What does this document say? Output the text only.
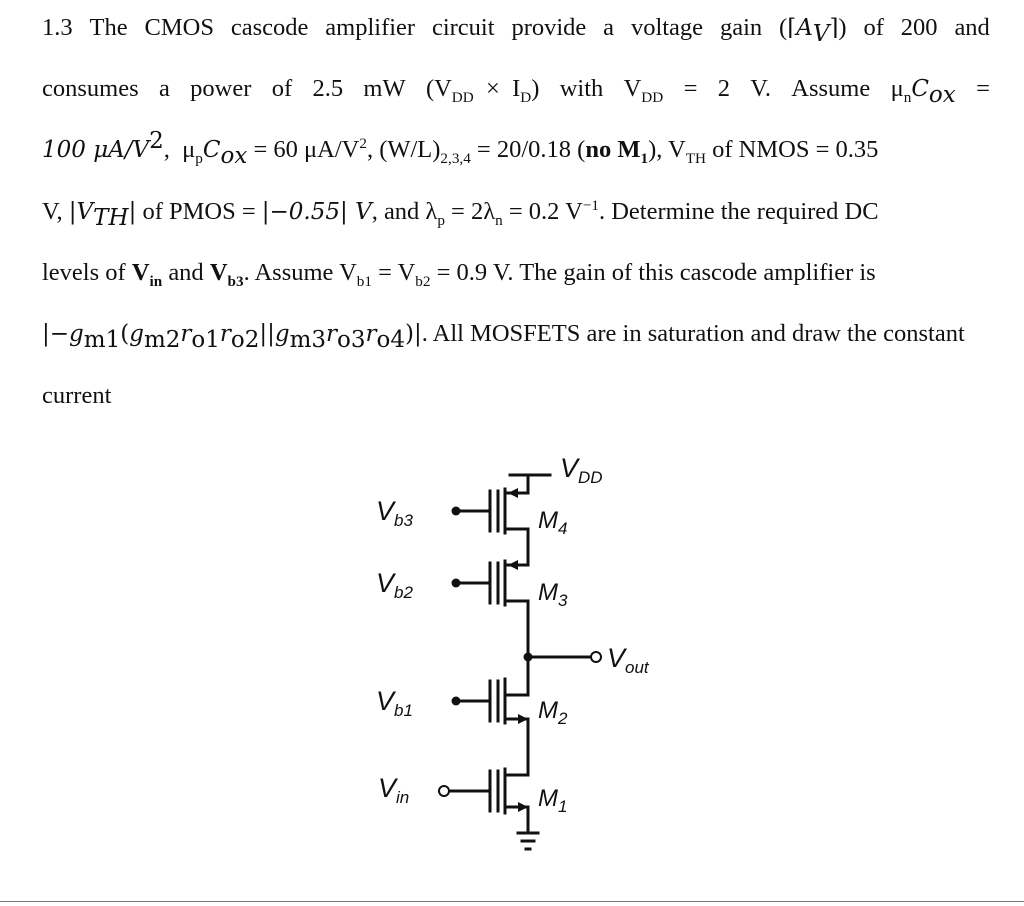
1.3 The CMOS cascode amplifier circuit provide a voltage gain $(⌈A_V⌉)$ of 200 and
consumes a power of 2.5 mW $(V_{DD} \times I_D)$ with $V_{DD} = 2$ V. Assume $\mu_nC_{ox}$ =
100 $\mu A/V^2$, $\mu_pC_{ox} = 60$ $\mu A/V^2$, $(W/L)_{2,3,4} = 20/0.18$ (no $M_1$), $V_{TH}$ of NMOS = 0.35
V, $|V_{TH}|$ of PMOS = |−0.55| V, and $\lambda_p = 2\lambda_n = 0.2$ $V^{-1}$. Determine the required DC
levels of $V_{in}$ and $V_{b3}$. Assume $V_{b1} = V_{b2} = 0.9$ V. The gain of this cascode amplifier is
$|-g_{m1}(g_{m2}r_{o1}r_{o2}||g_{m3}r_{o3}r_{o4})|$. All MOSFETS are in saturation and draw the constant
current
$V_{DD}$
$V_{b3}$
$V_{b2}$
$V_{b1}$
$V_{in}$
$V_{out}$
$M_4$
$M_3$
$M_2$
$M_1$
